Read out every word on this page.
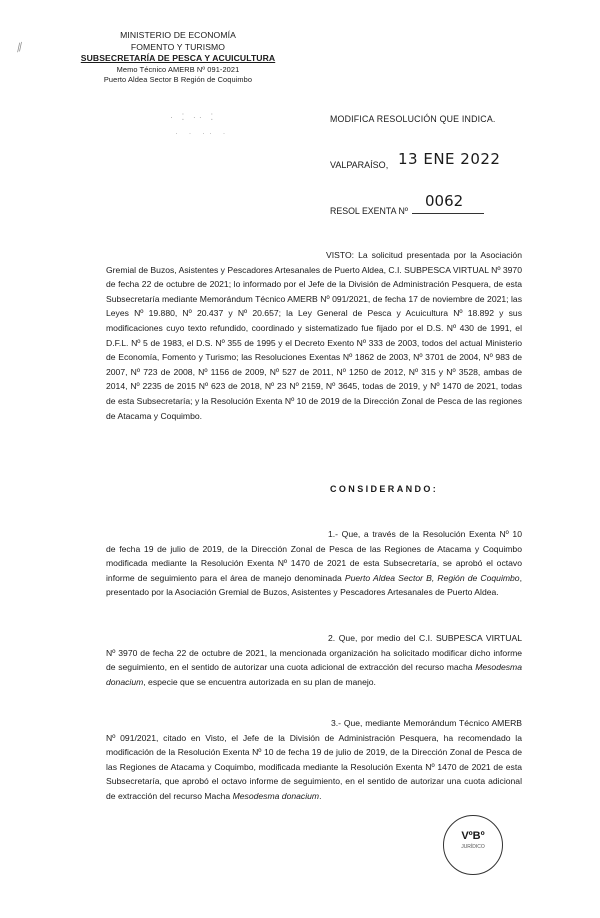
⁄⁄
MINISTERIO DE ECONOMÍA
FOMENTO Y TURISMO
SUBSECRETARÍA DE PESCA Y ACUICULTURA
Memo Técnico AMERB Nº 091-2021
Puerto Aldea Sector B Región de Coquimbo
· ⁚ ·· ⁚
· · ·· ·
MODIFICA RESOLUCIÓN QUE INDICA.
VALPARAÍSO, 13 ENE 2022
RESOL EXENTA Nº
0062
VISTO: La solicitud presentada por la Asociación Gremial de Buzos, Asistentes y Pescadores Artesanales de Puerto Aldea, C.I. SUBPESCA VIRTUAL Nº 3970 de fecha 22 de octubre de 2021; lo informado por el Jefe de la División de Administración Pesquera, de esta Subsecretaría mediante Memorándum Técnico AMERB Nº 091/2021, de fecha 17 de noviembre de 2021; las Leyes Nº 19.880, Nº 20.437 y Nº 20.657; la Ley General de Pesca y Acuicultura Nº 18.892 y sus modificaciones cuyo texto refundido, coordinado y sistematizado fue fijado por el D.S. Nº 430 de 1991, el D.F.L. Nº 5 de 1983, el D.S. Nº 355 de 1995 y el Decreto Exento Nº 333 de 2003, todos del actual Ministerio de Economía, Fomento y Turismo; las Resoluciones Exentas Nº 1862 de 2003, Nº 3701 de 2004, Nº 983 de 2007, Nº 723 de 2008, Nº 1156 de 2009, Nº 527 de 2011, Nº 1250 de 2012, Nº 315 y Nº 3528, ambas de 2014, Nº 2235 de 2015 Nº 623 de 2018, Nº 23 Nº 2159, Nº 3645, todas de 2019, y Nº 1470 de 2021, todas de esta Subsecretaría; y la Resolución Exenta Nº 10 de 2019 de la Dirección Zonal de Pesca de las regiones de Atacama y Coquimbo.
CONSIDERANDO:
1.- Que, a través de la Resolución Exenta Nº 10 de fecha 19 de julio de 2019, de la Dirección Zonal de Pesca de las Regiones de Atacama y Coquimbo modificada mediante la Resolución Exenta Nº 1470 de 2021 de esta Subsecretaría, se aprobó el octavo informe de seguimiento para el área de manejo denominada Puerto Aldea Sector B, Región de Coquimbo, presentado por la Asociación Gremial de Buzos, Asistentes y Pescadores Artesanales de Puerto Aldea.
2. Que, por medio del C.I. SUBPESCA VIRTUAL Nº 3970 de fecha 22 de octubre de 2021, la mencionada organización ha solicitado modificar dicho informe de seguimiento, en el sentido de autorizar una cuota adicional de extracción del recurso macha Mesodesma donacium, especie que se encuentra autorizada en su plan de manejo.
3.- Que, mediante Memorándum Técnico AMERB Nº 091/2021, citado en Visto, el Jefe de la División de Administración Pesquera, ha recomendado la modificación de la Resolución Exenta Nº 10 de fecha 19 de julio de 2019, de la Dirección Zonal de Pesca de las Regiones de Atacama y Coquimbo, modificada mediante la Resolución Exenta Nº 1470 de 2021 de esta Subsecretaría, que aprobó el octavo informe de seguimiento, en el sentido de autorizar una cuota adicional de extracción del recurso Macha Mesodesma donacium.
VºBº
JURÍDICO
